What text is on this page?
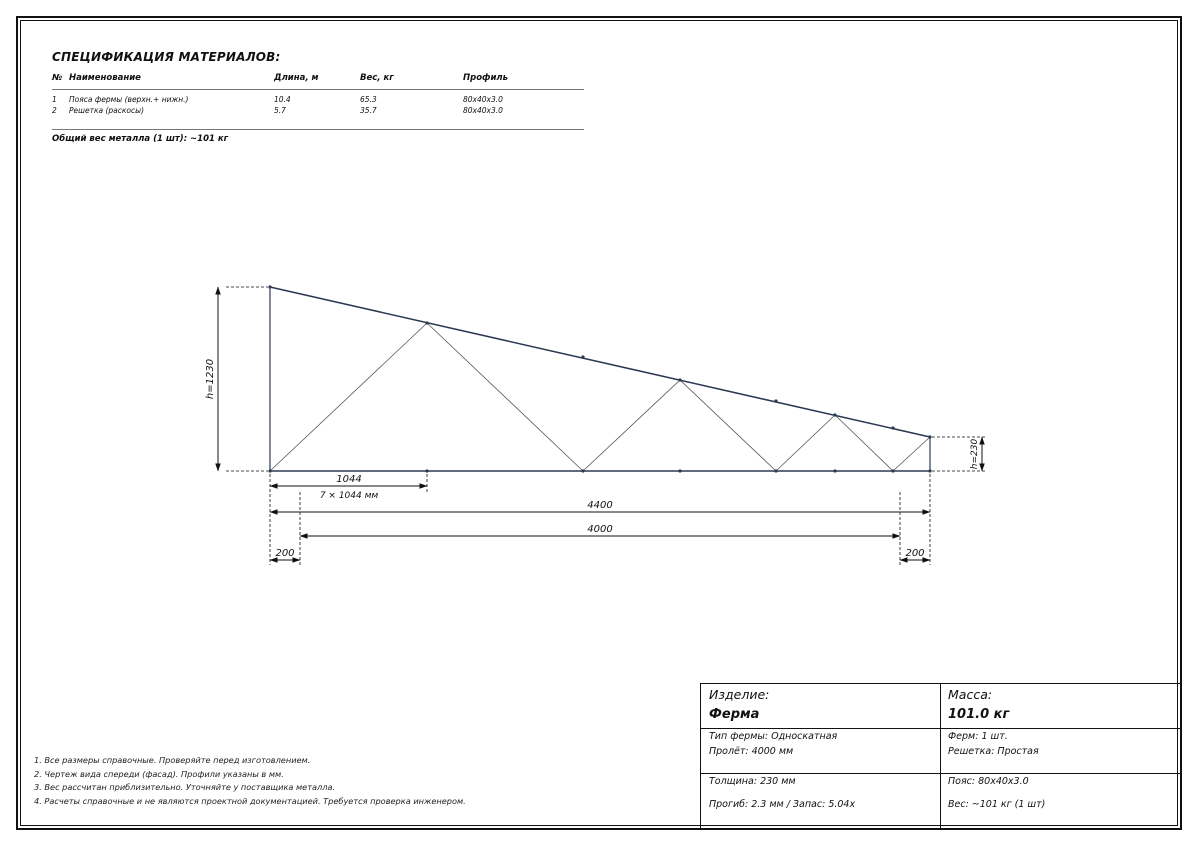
СПЕЦИФИКАЦИЯ МАТЕРИАЛОВ:
№	Наименование	Длина, м	Вес, кг	Профиль
1	Пояса фермы (верхн.+ нижн.)	10.4	65.3	80x40x3.0
2	Решетка (раскосы)	5.7	35.7	80x40x3.0

Общий вес металла (1 шт): ~101 кг
h=1230
h=230
1044
7 × 1044 мм
4400
4000
200	200
1. Все размеры справочные. Проверяйте перед изготовлением.
2. Чертеж вида спереди (фасад). Профили указаны в мм.
3. Вес рассчитан приблизительно. Уточняйте у поставщика металла.
4. Расчеты справочные и не являются проектной документацией. Требуется проверка инженером.
Изделие:
Ферма
Масса:
101.0 кг
Тип фермы: Односкатная
Пролёт: 4000 мм
Ферм: 1 шт.
Решетка: Простая
Толщина: 230 мм
Прогиб: 2.3 мм / Запас: 5.04x
Пояс: 80x40x3.0
Вес: ~101 кг (1 шт)
